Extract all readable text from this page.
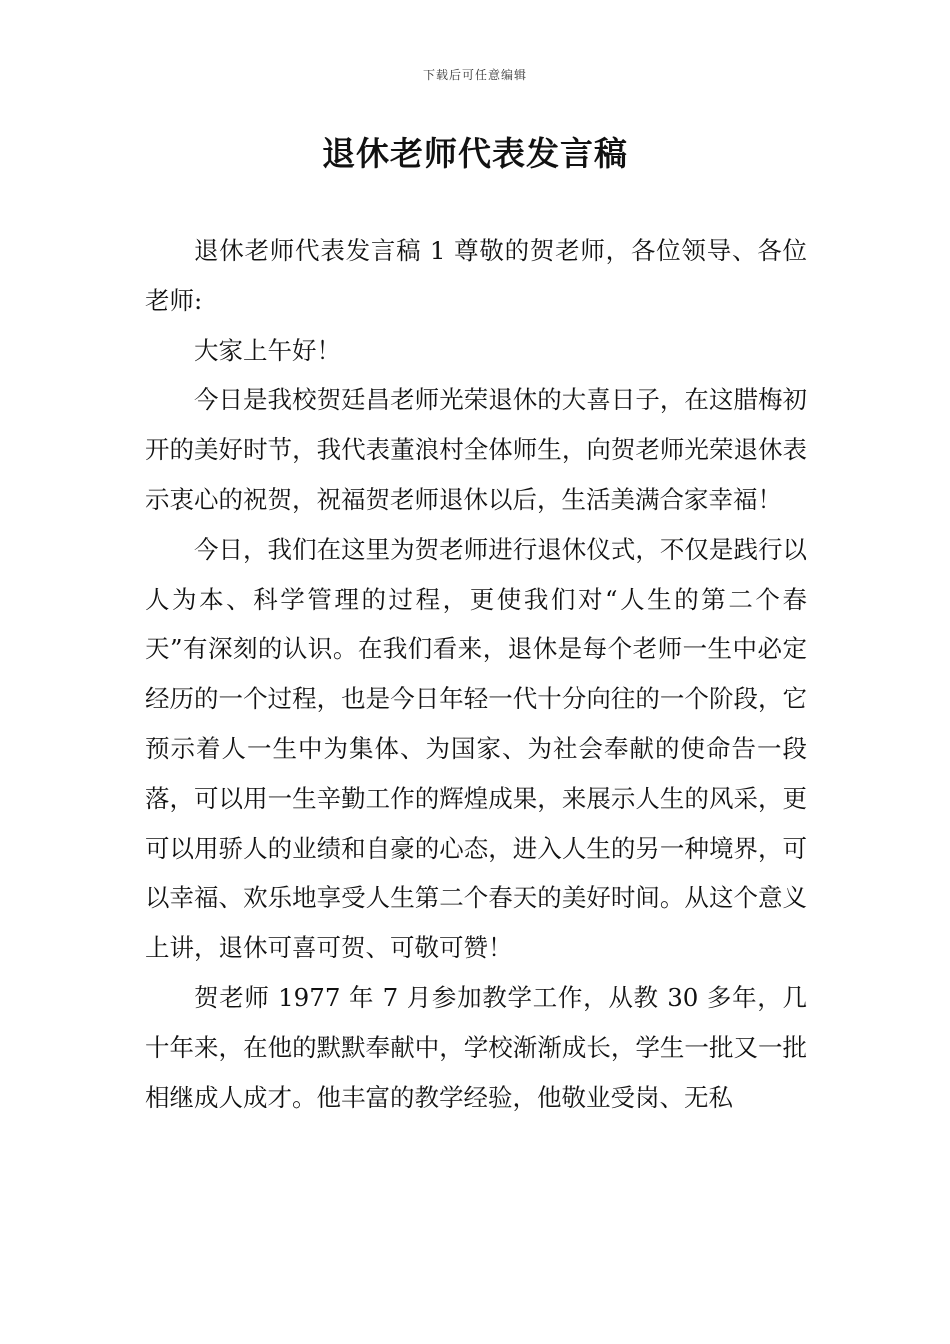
下载后可任意编辑
退休老师代表发言稿

退休老师代表发言稿 1 尊敬的贺老师，各位领导、各位老师:

大家上午好！

今日是我校贺廷昌老师光荣退休的大喜日子，在这腊梅初开的美好时节，我代表董浪村全体师生，向贺老师光荣退休表示衷心的祝贺，祝福贺老师退休以后，生活美满合家幸福！

今日，我们在这里为贺老师进行退休仪式，不仅是践行以人为本、科学管理的过程，更使我们对“人生的第二个春天”有深刻的认识。在我们看来，退休是每个老师一生中必定经历的一个过程，也是今日年轻一代十分向往的一个阶段，它预示着人一生中为集体、为国家、为社会奉献的使命告一段落，可以用一生辛勤工作的辉煌成果，来展示人生的风采，更可以用骄人的业绩和自豪的心态，进入人生的另一种境界，可以幸福、欢乐地享受人生第二个春天的美好时间。从这个意义上讲，退休可喜可贺、可敬可赞！

贺老师 1977 年 7 月参加教学工作，从教 30 多年，几十年来，在他的默默奉献中，学校渐渐成长，学生一批又一批相继成人成才。他丰富的教学经验，他敬业受岗、无私
